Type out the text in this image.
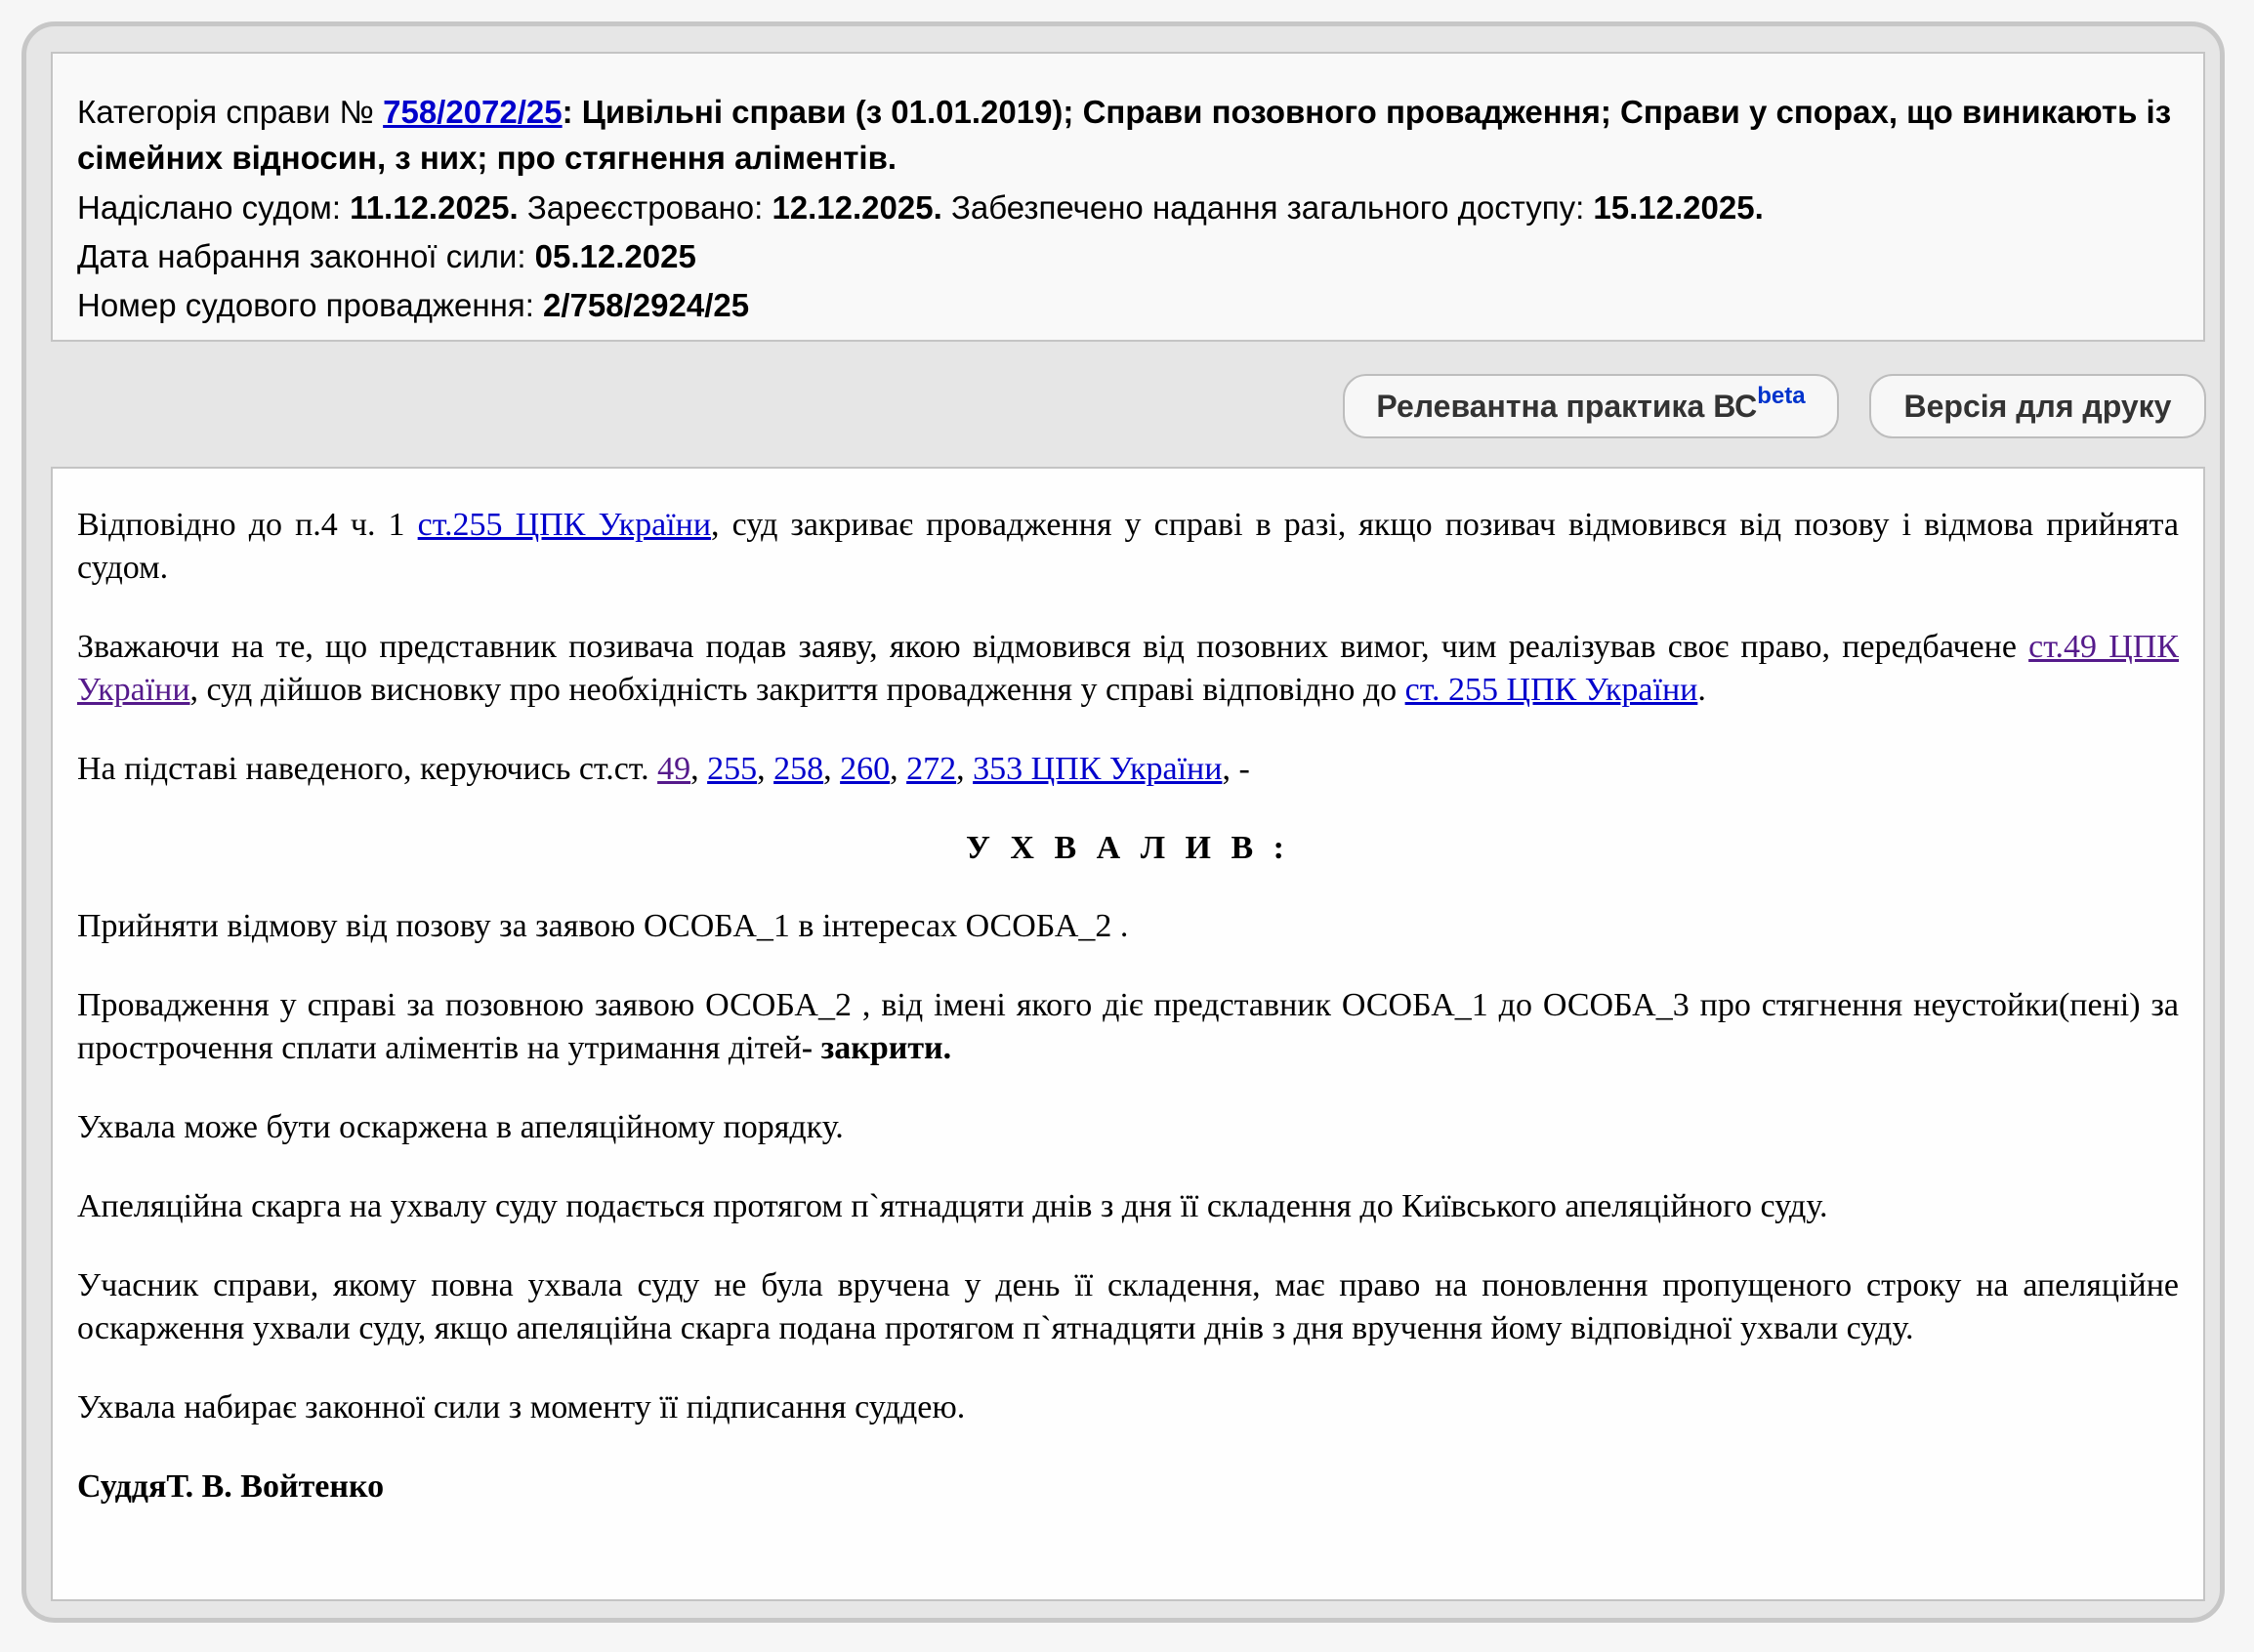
Категорія справи № 758/2072/25: Цивільні справи (з 01.01.2019); Справи позовного провадження; Справи у спорах, що виникають із сімейних відносин, з них; про стягнення аліментів.

Надіслано судом: 11.12.2025. Зареєстровано: 12.12.2025. Забезпечено надання загального доступу: 15.12.2025.

Дата набрання законної сили: 05.12.2025

Номер судового провадження: 2/758/2924/25

Релевантна практика $ВС^{beta}$	Версія для друку

Відповідно до п.4 ч. 1 ст.255 ЦПК України, суд закриває провадження у справі в разі, якщо позивач відмовився від позову і відмова прийнята судом.

Зважаючи на те, що представник позивача подав заяву, якою відмовився від позовних вимог, чим реалізував своє право, передбачене ст.49 ЦПК України, суд дійшов висновку про необхідність закриття провадження у справі відповідно до ст. 255 ЦПК України.

На підставі наведеного, керуючись ст.ст. 49, 255, 258, 260, 272, 353 ЦПК України, -

У Х В А Л И В :

Прийняти відмову від позову за заявою ОСОБА_1 в інтересах ОСОБА_2 .

Провадження у справі за позовною заявою ОСОБА_2 , від імені якого діє представник ОСОБА_1 до ОСОБА_3 про стягнення неустойки(пені) за прострочення сплати аліментів на утримання дітей- закрити.

Ухвала може бути оскаржена в апеляційному порядку.

Апеляційна скарга на ухвалу суду подається протягом п`ятнадцяти днів з дня її складення до Київського апеляційного суду.

Учасник справи, якому повна ухвала суду не була вручена у день її складення, має право на поновлення пропущеного строку на апеляційне оскарження ухвали суду, якщо апеляційна скарга подана протягом п`ятнадцяти днів з дня вручення йому відповідної ухвали суду.

Ухвала набирає законної сили з моменту її підписання суддею.

СуддяТ. В. Войтенко
